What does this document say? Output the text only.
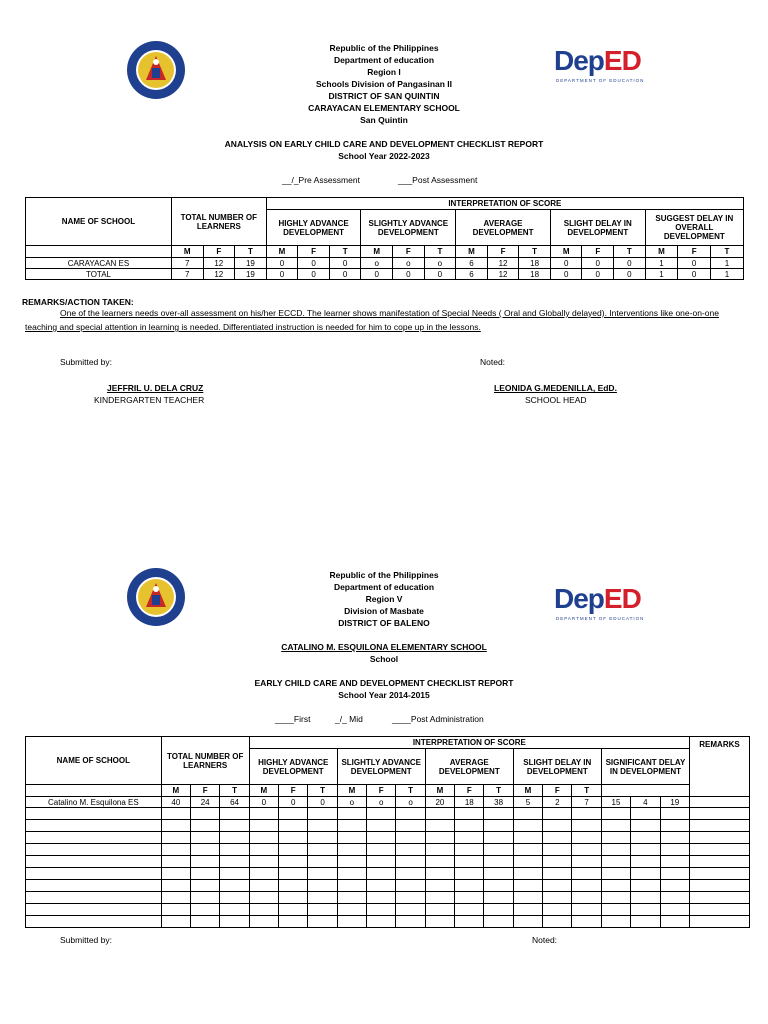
DepED
DEPARTMENT OF EDUCATION
Republic of the Philippines
Department of education
Region I
Schools Division of Pangasinan II
DISTRICT OF SAN QUINTIN
CARAYACAN ELEMENTARY SCHOOL
San Quintin
ANALYSIS ON EARLY CHILD CARE AND DEVELOPMENT CHECKLIST REPORT
School Year 2022-2023
__/_Pre Assessment	___Post Assessment
NAME OF SCHOOL	TOTAL NUMBER OF LEARNERS			INTERPRETATION OF SCORE														
				HIGHLY ADVANCE DEVELOPMENT			SLIGHTLY ADVANCE DEVELOPMENT			AVERAGE DEVELOPMENT			SLIGHT DELAY IN DEVELOPMENT			SUGGEST DELAY IN OVERALL DEVELOPMENT		
	M	F	T	M	F	T	M	F	T	M	F	T	M	F	T	M	F	T
CARAYACAN ES	7	12	19	0	0	0	o	o	o	6	12	18	0	0	0	1	0	1
TOTAL	7	12	19	0	0	0	0	0	0	6	12	18	0	0	0	1	0	1
REMARKS/ACTION TAKEN:
One of the learners needs over-all assessment on his/her ECCD. The learner shows manifestation of Special Needs ( Oral and Globally delayed). Interventions like one-on-one teaching and special attention in learning is needed. Differentiated instruction is needed for him to cope up in the lessons.
Submitted by:	Noted:
JEFFRIL U. DELA CRUZ
KINDERGARTEN TEACHER
LEONIDA G.MEDENILLA, EdD.
SCHOOL HEAD
DepED
DEPARTMENT OF EDUCATION
Republic of the Philippines
Department of education
Region V
Division of Masbate
DISTRICT OF BALENO
CATALINO M. ESQUILONA ELEMENTARY SCHOOL
School
EARLY CHILD CARE AND DEVELOPMENT CHECKLIST REPORT
School Year 2014-2015
____First	_/_ Mid	____Post Administration
NAME OF SCHOOL	TOTAL NUMBER OF LEARNERS			INTERPRETATION OF SCORE															REMARKS
				HIGHLY ADVANCE DEVELOPMENT			SLIGHTLY ADVANCE DEVELOPMENT			AVERAGE DEVELOPMENT			SLIGHT DELAY IN DEVELOPMENT			SIGNIFICANT DELAY IN DEVELOPMENT			
	M	F	T	M	F	T	M	F	T	M	F	T	M	F	T				
Catalino M. Esquilona ES	40	24	64	0	0	0	o	o	o	20	18	38	5	2	7	15	4	19	

Submitted by:	Noted:
